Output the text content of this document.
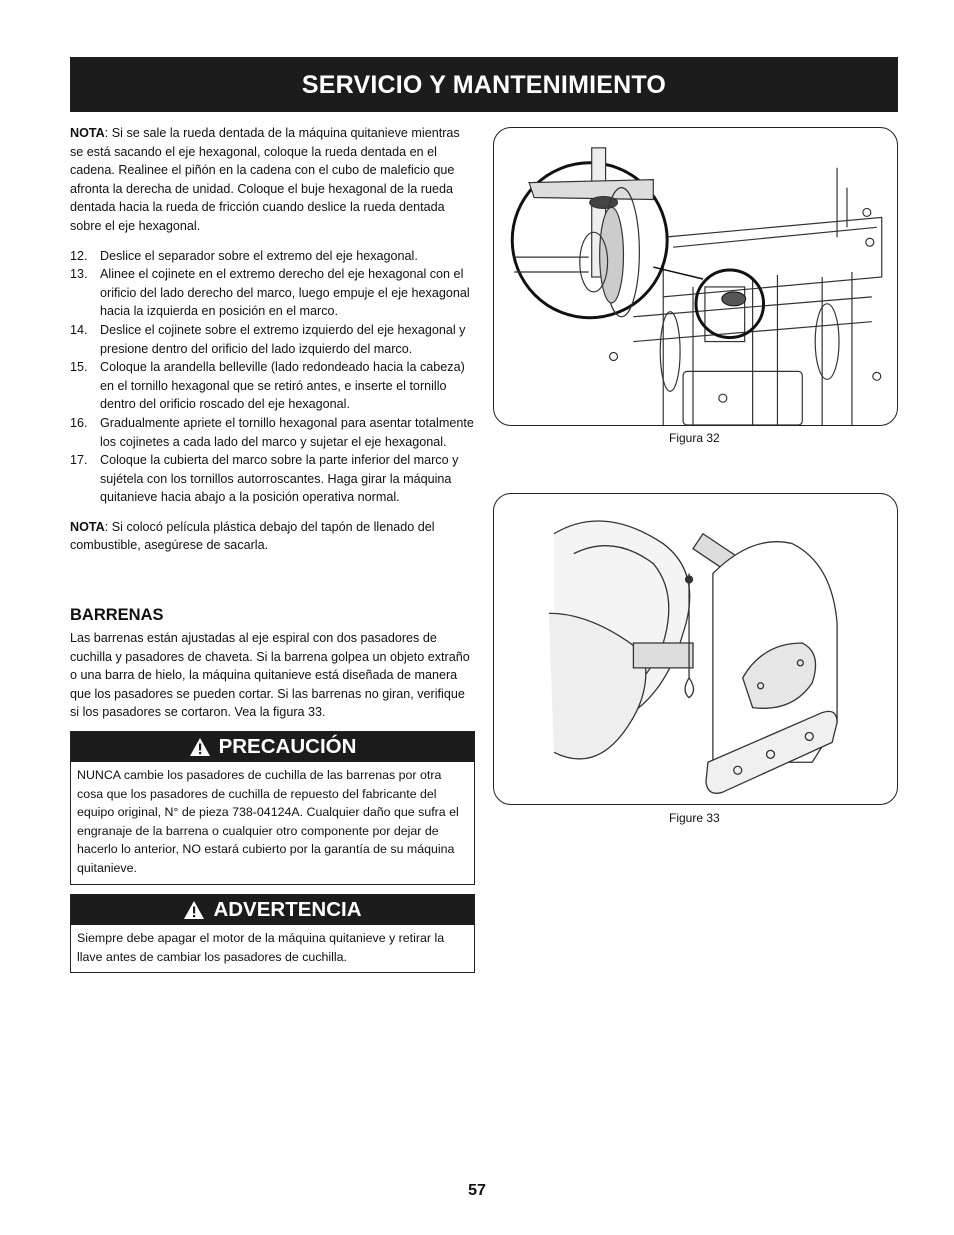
SERVICIO Y MANTENIMIENTO

NOTA: Si se sale la rueda dentada de la máquina quitanieve mientras se está sacando el eje hexagonal, coloque la rueda dentada en el cadena. Realinee el piñón en la cadena con el cubo de maleficio que afronta la derecha de unidad. Coloque el buje hexagonal de la rueda dentada hacia la rueda de fricción cuando deslice la rueda dentada sobre el eje hexagonal.

12. Deslice el separador sobre el extremo del eje hexagonal.
13. Alinee el cojinete en el extremo derecho del eje hexagonal con el orificio del lado derecho del marco, luego empuje el eje hexagonal hacia la izquierda en posición en el marco.
14. Deslice el cojinete sobre el extremo izquierdo del eje hexagonal y presione dentro del orificio del lado izquierdo del marco.
15. Coloque la arandella belleville (lado redondeado hacia la cabeza) en el tornillo hexagonal que se retiró antes, e inserte el tornillo dentro del orificio roscado del eje hexagonal.
16. Gradualmente apriete el tornillo hexagonal para asentar totalmente los cojinetes a cada lado del marco y sujetar el eje hexagonal.
17. Coloque la cubierta del marco sobre la parte inferior del marco y sujétela con los tornillos autorroscantes. Haga girar la máquina quitanieve hacia abajo a la posición operativa normal.

NOTA: Si colocó película plástica debajo del tapón de llenado del combustible, asegúrese de sacarla.

BARRENAS
Las barrenas están ajustadas al eje espiral con dos pasadores de cuchilla y pasadores de chaveta. Si la barrena golpea un objeto extraño o una barra de hielo, la máquina quitanieve está diseñada de manera que los pasadores se pueden cortar. Si las barrenas no giran, verifique si los pasadores se cortaron. Vea la figura 33.
PRECAUCIÓN
NUNCA cambie los pasadores de cuchilla de las barrenas por otra cosa que los pasadores de cuchilla de repuesto del fabricante del equipo original, N° de pieza 738-04124A. Cualquier daño que sufra el engranaje de la barrena o cualquier otro componente por dejar de hacerlo lo anterior, NO estará cubierto por la garantía de su máquina quitanieve.
ADVERTENCIA
Siempre debe apagar el motor de la máquina quitanieve y retirar la llave antes de cambiar los pasadores de cuchilla.
Figura 32
Figure 33
57
